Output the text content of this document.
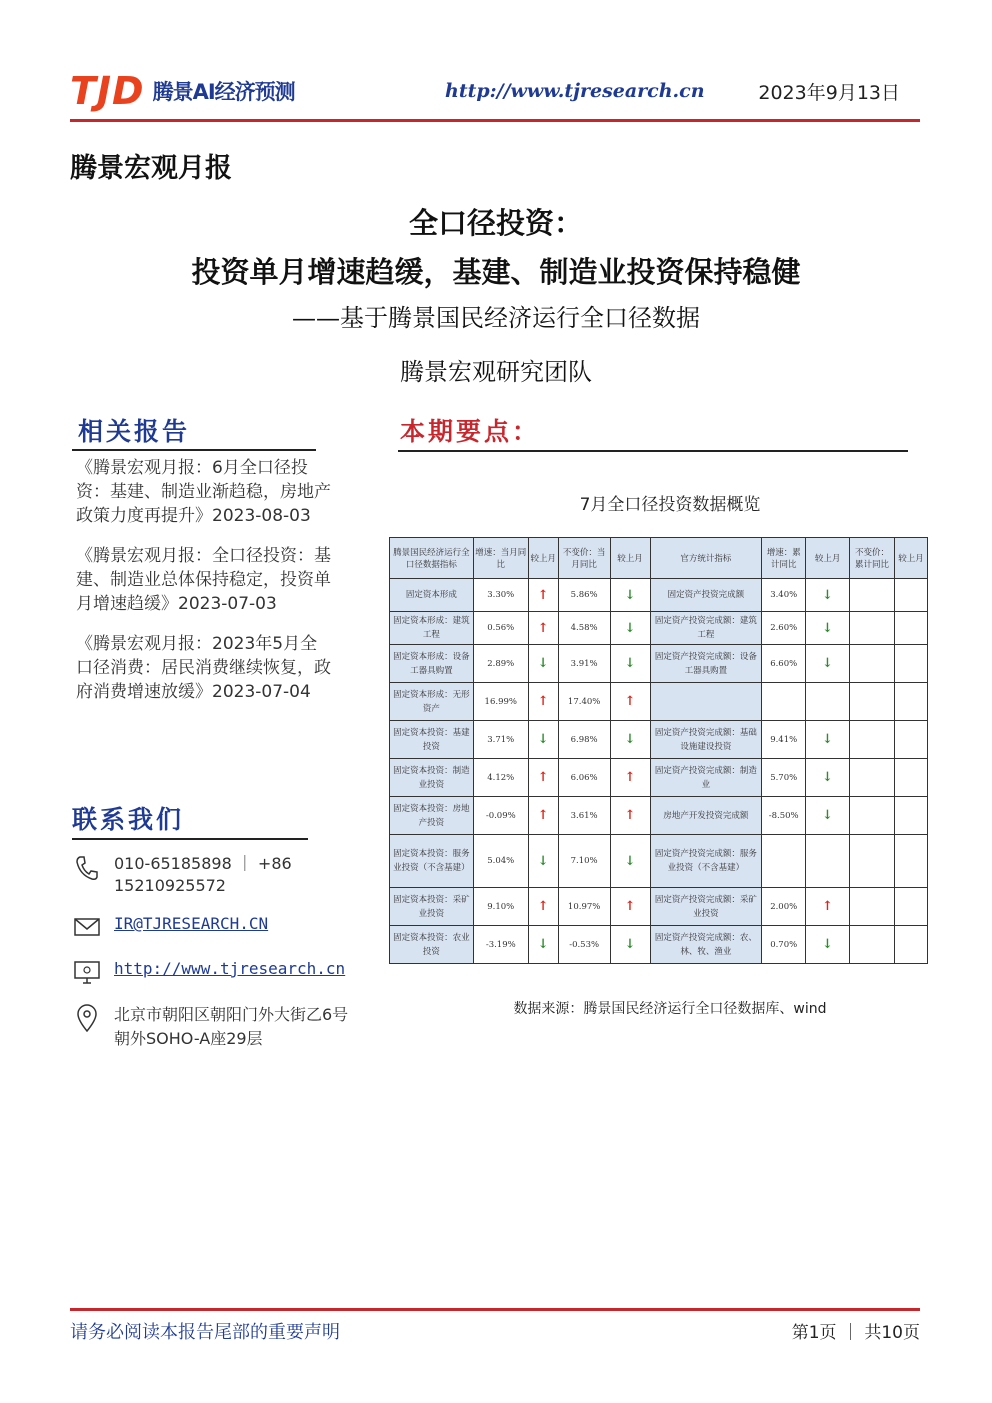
TJD 腾景AI经济预测	http://www.tjresearch.cn	2023年9月13日
腾景宏观月报
全口径投资：
投资单月增速趋缓，基建、制造业投资保持稳健
——基于腾景国民经济运行全口径数据
腾景宏观研究团队
相关报告
《腾景宏观月报：6月全口径投资：基建、制造业渐趋稳，房地产政策力度再提升》2023-08-03
《腾景宏观月报：全口径投资：基建、制造业总体保持稳定，投资单月增速趋缓》2023-07-03
《腾景宏观月报：2023年5月全口径消费：居民消费继续恢复，政府消费增速放缓》2023-07-04
联系我们
010-65185898 ｜ +86 15210925572
IR@TJRESEARCH.CN
http://www.tjresearch.cn
北京市朝阳区朝阳门外大街乙6号朝外SOHO-A座29层
本期要点：
7月全口径投资数据概览
腾景国民经济运行全口径数据指标	增速：当月同比	较上月	不变价：当月同比	较上月	官方统计指标	增速：累计同比	较上月	不变价：累计同比	较上月
固定资本形成	3.30%	↑	5.86%	↓	固定资产投资完成额	3.40%	↓		
固定资本形成：建筑工程	0.56%	↑	4.58%	↓	固定资产投资完成额：建筑工程	2.60%	↓		
固定资本形成：设备工器具购置	2.89%	↓	3.91%	↓	固定资产投资完成额：设备工器具购置	6.60%	↓		
固定资本形成：无形资产	16.99%	↑	17.40%	↑					
固定资本投资：基建投资	3.71%	↓	6.98%	↓	固定资产投资完成额：基础设施建设投资	9.41%	↓		
固定资本投资：制造业投资	4.12%	↑	6.06%	↑	固定资产投资完成额：制造业	5.70%	↓		
固定资本投资：房地产投资	-0.09%	↑	3.61%	↑	房地产开发投资完成额	-8.50%	↓		
固定资本投资：服务业投资（不含基建）	5.04%	↓	7.10%	↓	固定资产投资完成额：服务业投资（不含基建）				
固定资本投资：采矿业投资	9.10%	↑	10.97%	↑	固定资产投资完成额：采矿业投资	2.00%	↑		
固定资本投资：农业投资	-3.19%	↓	-0.53%	↓	固定资产投资完成额：农、林、牧、渔业	0.70%	↓		
数据来源：腾景国民经济运行全口径数据库、wind
请务必阅读本报告尾部的重要声明	第1页 ｜ 共10页
